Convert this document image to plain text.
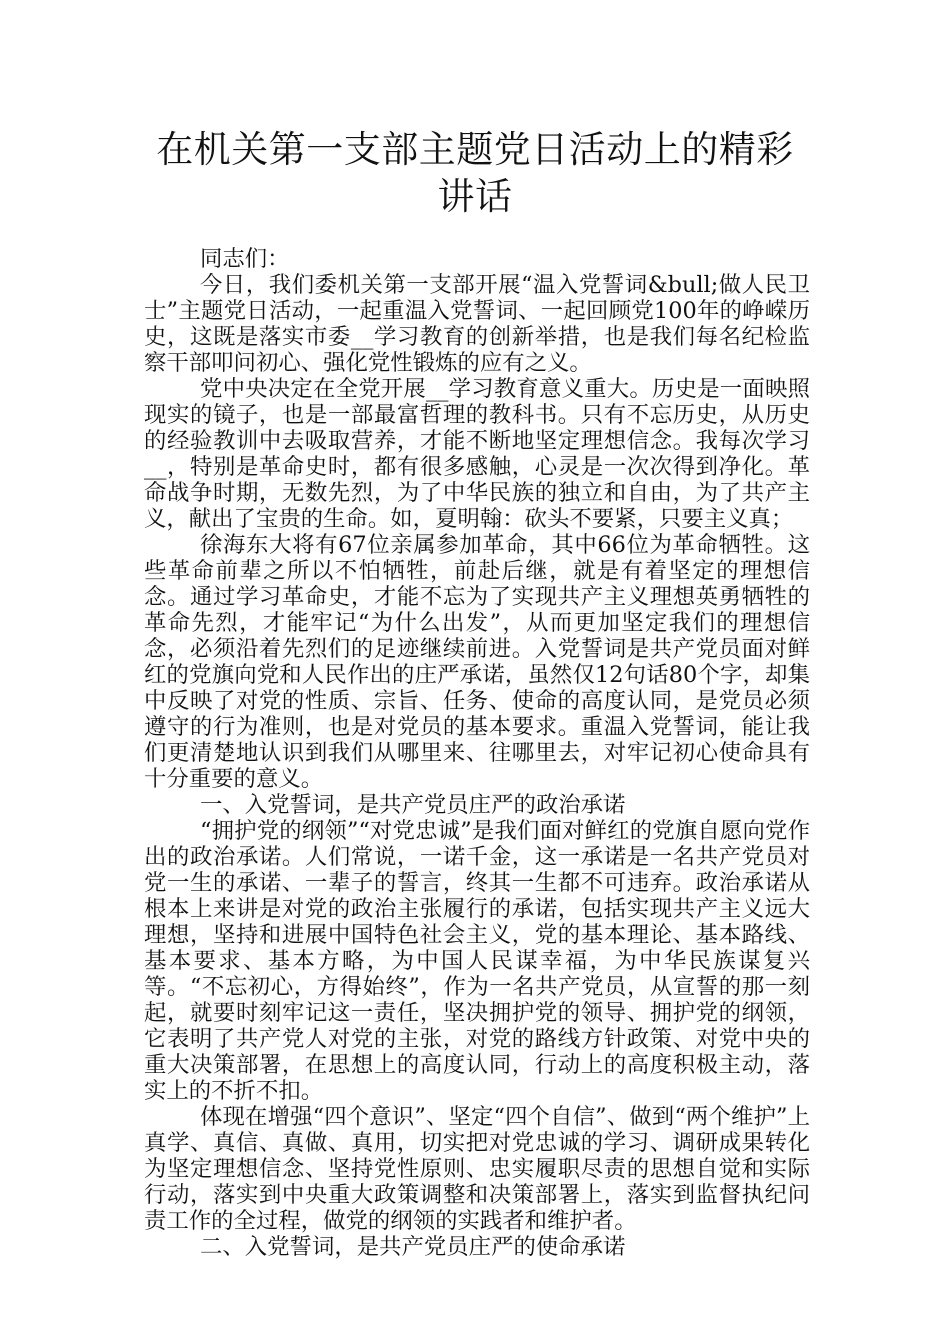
在机关第一支部主题党日活动上的精彩讲话

同志们：

今日，我们委机关第一支部开展“温入党誓词&bull;做人民卫士”主题党日活动，一起重温入党誓词、一起回顾党100年的峥嵘历史，这既是落实市委__学习教育的创新举措，也是我们每名纪检监察干部叩问初心、强化党性锻炼的应有之义。

党中央决定在全党开展__学习教育意义重大。历史是一面映照现实的镜子，也是一部最富哲理的教科书。只有不忘历史，从历史的经验教训中去吸取营养，才能不断地坚定理想信念。我每次学习__，特别是革命史时，都有很多感触，心灵是一次次得到净化。革命战争时期，无数先烈，为了中华民族的独立和自由，为了共产主义，献出了宝贵的生命。如，夏明翰：砍头不要紧，只要主义真；

徐海东大将有67位亲属参加革命，其中66位为革命牺牲。这些革命前辈之所以不怕牺牲，前赴后继，就是有着坚定的理想信念。通过学习革命史，才能不忘为了实现共产主义理想英勇牺牲的革命先烈，才能牢记“为什么出发”，从而更加坚定我们的理想信念，必须沿着先烈们的足迹继续前进。入党誓词是共产党员面对鲜红的党旗向党和人民作出的庄严承诺，虽然仅12句话80个字，却集中反映了对党的性质、宗旨、任务、使命的高度认同，是党员必须遵守的行为准则，也是对党员的基本要求。重温入党誓词，能让我们更清楚地认识到我们从哪里来、往哪里去，对牢记初心使命具有十分重要的意义。

一、入党誓词，是共产党员庄严的政治承诺

“拥护党的纲领”“对党忠诚”是我们面对鲜红的党旗自愿向党作出的政治承诺。人们常说，一诺千金，这一承诺是一名共产党员对党一生的承诺、一辈子的誓言，终其一生都不可违弃。政治承诺从根本上来讲是对党的政治主张履行的承诺，包括实现共产主义远大理想，坚持和进展中国特色社会主义，党的基本理论、基本路线、基本要求、基本方略，为中国人民谋幸福，为中华民族谋复兴等。“不忘初心，方得始终”，作为一名共产党员，从宣誓的那一刻起，就要时刻牢记这一责任，坚决拥护党的领导、拥护党的纲领，它表明了共产党人对党的主张，对党的路线方针政策、对党中央的重大决策部署，在思想上的高度认同，行动上的高度积极主动，落实上的不折不扣。

体现在增强“四个意识”、坚定“四个自信”、做到“两个维护”上真学、真信、真做、真用，切实把对党忠诚的学习、调研成果转化为坚定理想信念、坚持党性原则、忠实履职尽责的思想自觉和实际行动，落实到中央重大政策调整和决策部署上，落实到监督执纪问责工作的全过程，做党的纲领的实践者和维护者。

二、入党誓词，是共产党员庄严的使命承诺
